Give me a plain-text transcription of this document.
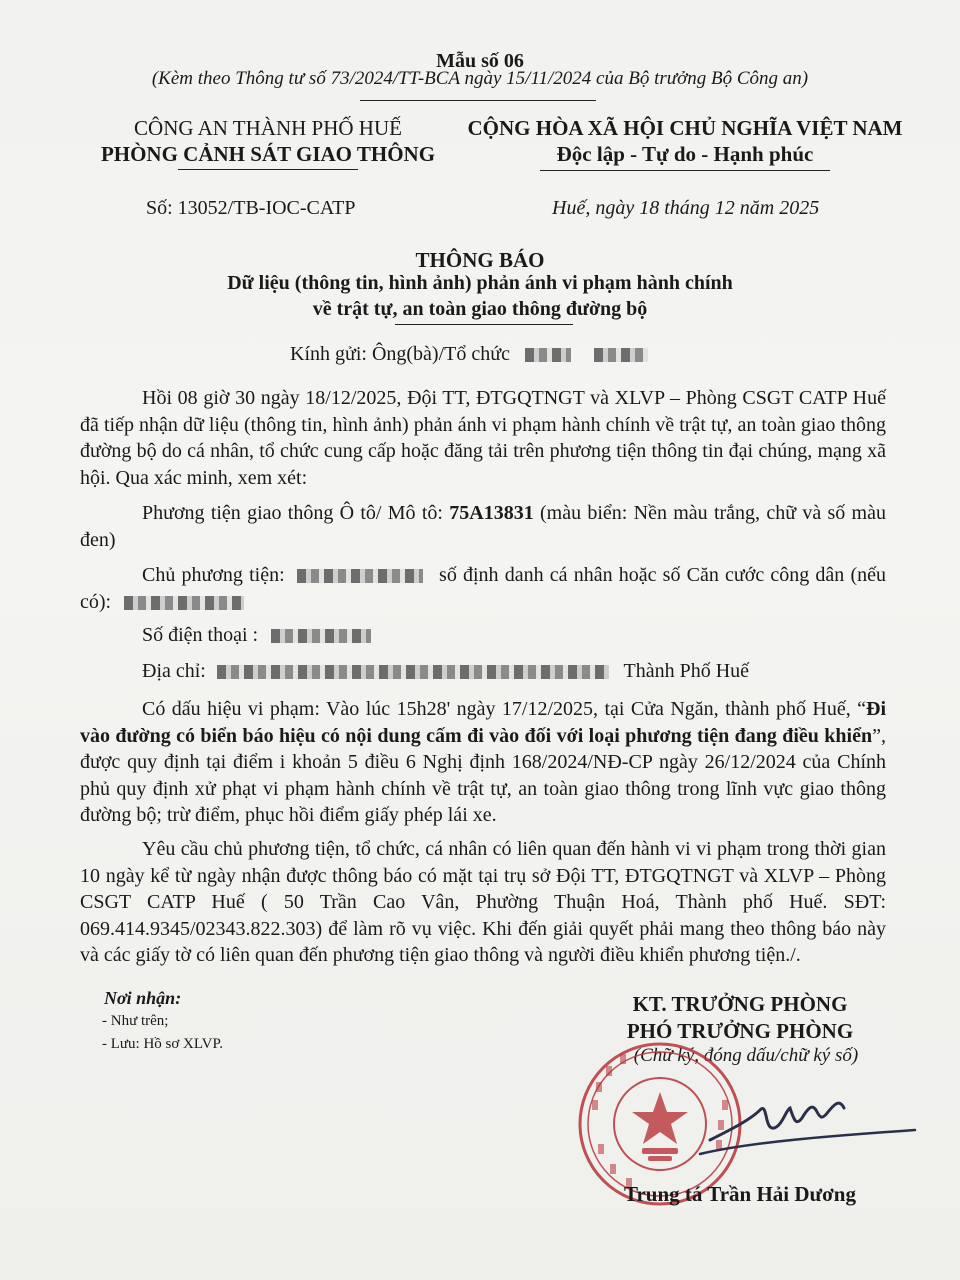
Mẫu số 06
(Kèm theo Thông tư số 73/2024/TT-BCA ngày 15/11/2024 của Bộ trưởng Bộ Công an)
CÔNG AN THÀNH PHỐ HUẾ
PHÒNG CẢNH SÁT GIAO THÔNG
CỘNG HÒA XÃ HỘI CHỦ NGHĨA VIỆT NAM
Độc lập - Tự do - Hạnh phúc
Số: 13052/TB-IOC-CATP	Huế, ngày 18 tháng 12 năm 2025
THÔNG BÁO
Dữ liệu (thông tin, hình ảnh) phản ánh vi phạm hành chính
về trật tự, an toàn giao thông đường bộ
Kính gửi: Ông(bà)/Tổ chức
Hồi 08 giờ 30 ngày 18/12/2025, Đội TT, ĐTGQTNGT và XLVP – Phòng CSGT CATP Huế đã tiếp nhận dữ liệu (thông tin, hình ảnh) phản ánh vi phạm hành chính về trật tự, an toàn giao thông đường bộ do cá nhân, tổ chức cung cấp hoặc đăng tải trên phương tiện thông tin đại chúng, mạng xã hội. Qua xác minh, xem xét:
Phương tiện giao thông Ô tô/ Mô tô: 75A13831 (màu biển: Nền màu trắng, chữ và số màu đen)
Chủ phương tiện:	số định danh cá nhân hoặc số Căn cước công dân (nếu có):
Số điện thoại :
Địa chỉ:	Thành Phố Huế
Có dấu hiệu vi phạm: Vào lúc 15h28' ngày 17/12/2025, tại Cửa Ngăn, thành phố Huế, “Đi vào đường có biển báo hiệu có nội dung cấm đi vào đối với loại phương tiện đang điều khiển”, được quy định tại điểm i khoản 5 điều 6 Nghị định 168/2024/NĐ-CP ngày 26/12/2024 của Chính phủ quy định xử phạt vi phạm hành chính về trật tự, an toàn giao thông trong lĩnh vực giao thông đường bộ; trừ điểm, phục hồi điểm giấy phép lái xe.
Yêu cầu chủ phương tiện, tổ chức, cá nhân có liên quan đến hành vi vi phạm trong thời gian 10 ngày kể từ ngày nhận được thông báo có mặt tại trụ sở Đội TT, ĐTGQTNGT và XLVP – Phòng CSGT CATP Huế ( 50 Trần Cao Vân, Phường Thuận Hoá, Thành phố Huế. SĐT: 069.414.9345/02343.822.303) để làm rõ vụ việc. Khi đến giải quyết phải mang theo thông báo này và các giấy tờ có liên quan đến phương tiện giao thông và người điều khiển phương tiện./.
Nơi nhận:
- Như trên;
- Lưu: Hồ sơ XLVP.
KT. TRƯỞNG PHÒNG
PHÓ TRƯỞNG PHÒNG
(Chữ ký, đóng dấu/chữ ký số)
Trung tá Trần Hải Dương
